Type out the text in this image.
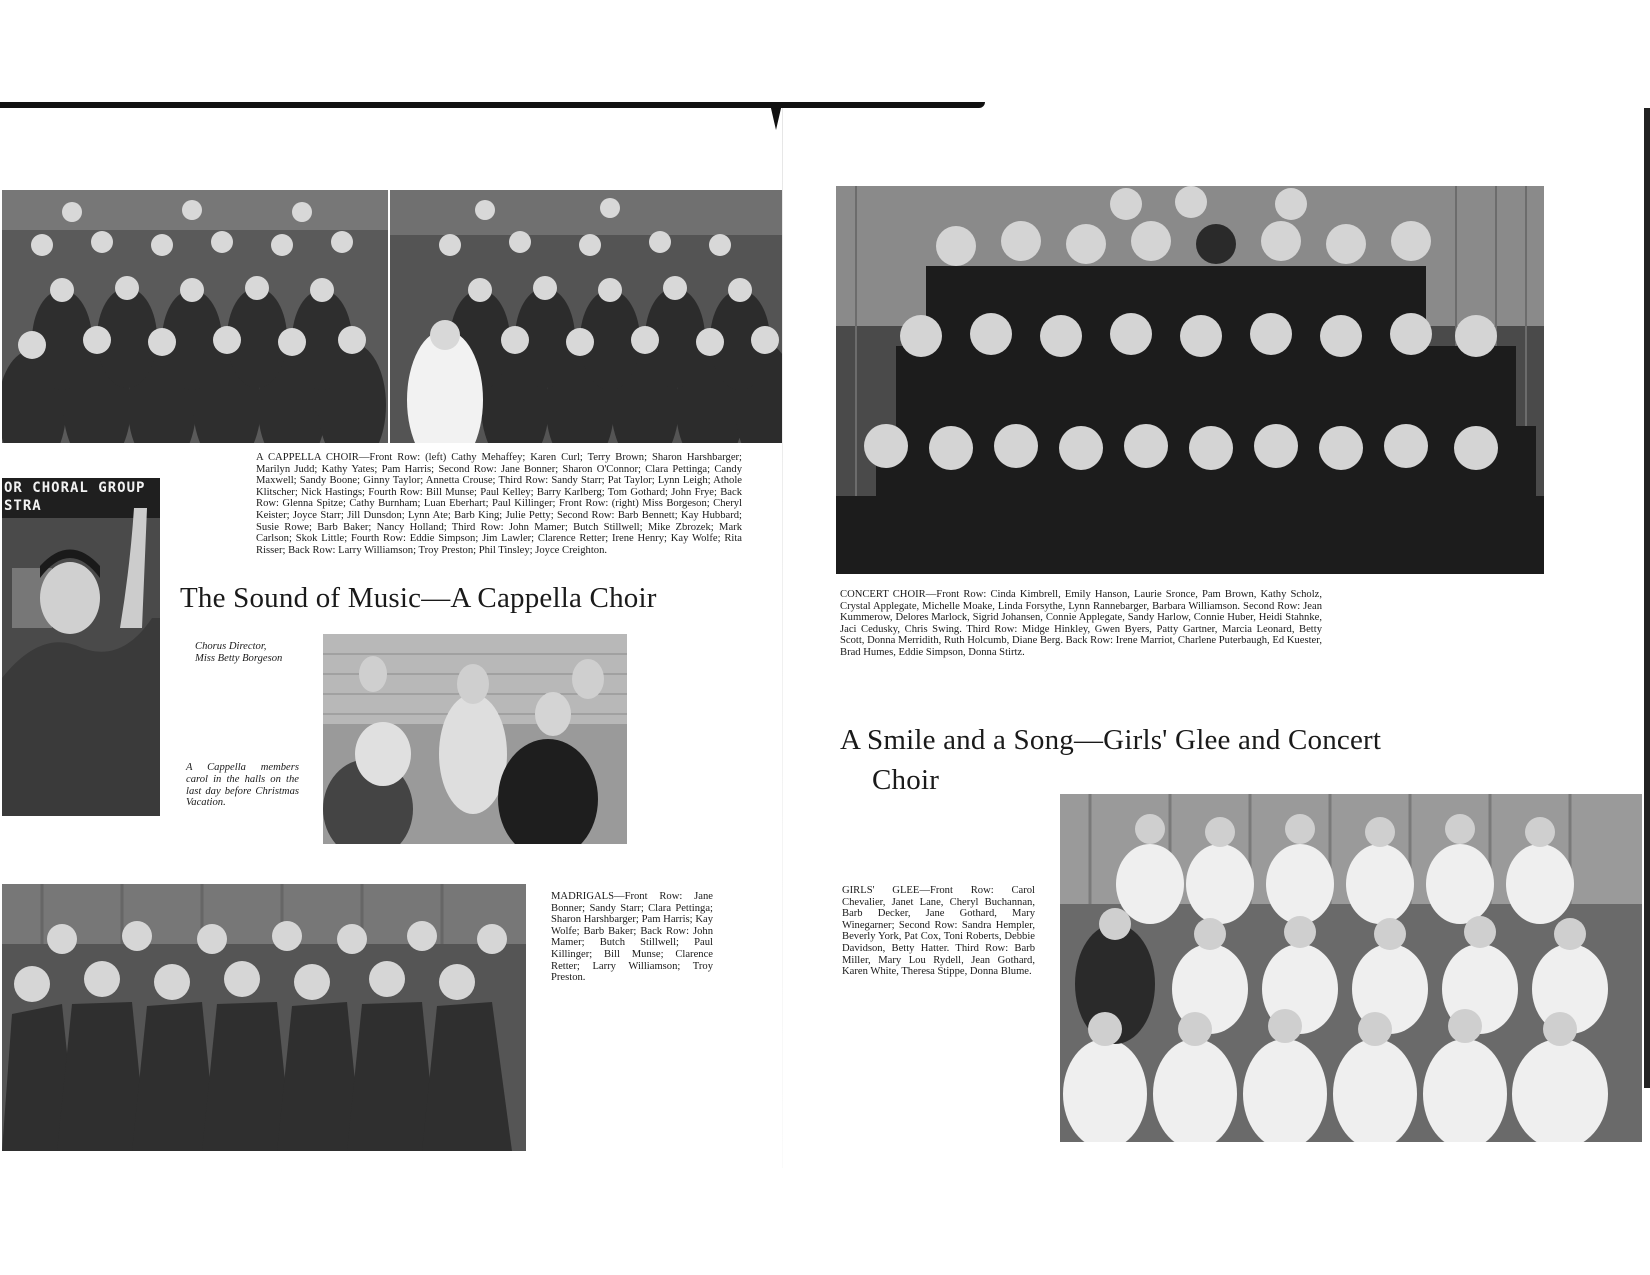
A CAPPELLA CHOIR—Front Row: (left) Cathy Mehaffey; Karen Curl; Terry Brown; Sharon Harshbarger; Marilyn Judd; Kathy Yates; Pam Harris; Second Row: Jane Bonner; Sharon O'Connor; Clara Pettinga; Candy Maxwell; Sandy Boone; Ginny Taylor; Annetta Crouse; Third Row: Sandy Starr; Pat Taylor; Lynn Leigh; Athole Klitscher; Nick Hastings; Fourth Row: Bill Munse; Paul Kelley; Barry Karlberg; Tom Gothard; John Frye; Back Row: Glenna Spitze; Cathy Burnham; Luan Eberhart; Paul Killinger; Front Row: (right) Miss Borgeson; Cheryl Keister; Joyce Starr; Jill Dunsdon; Lynn Ate; Barb King; Julie Petty; Second Row: Barb Bennett; Kay Hubbard; Susie Rowe; Barb Baker; Nancy Holland; Third Row: John Mamer; Butch Stillwell; Mike Zbrozek; Mark Carlson; Skok Little; Fourth Row: Eddie Simpson; Jim Lawler; Clarence Retter; Irene Henry; Kay Wolfe; Rita Risser; Back Row: Larry Williamson; Troy Preston; Phil Tinsley; Joyce Creighton.

OR CHORAL GROUP
STRA
The Sound of Music—A Cappella Choir
Chorus Director,
Miss Betty Borgeson

A Cappella members carol in the halls on the last day before Christmas Vacation.

MADRIGALS—Front Row: Jane Bonner; Sandy Starr; Clara Pettinga; Sharon Harshbarger; Pam Harris; Kay Wolfe; Barb Baker; Back Row: John Mamer; Butch Stillwell; Paul Killinger; Bill Munse; Clarence Retter; Larry Williamson; Troy Preston.

CONCERT CHOIR—Front Row: Cinda Kimbrell, Emily Hanson, Laurie Sronce, Pam Brown, Kathy Scholz, Crystal Applegate, Michelle Moake, Linda Forsythe, Lynn Rannebarger, Barbara Williamson. Second Row: Jean Kummerow, Delores Marlock, Sigrid Johansen, Connie Applegate, Sandy Harlow, Connie Huber, Heidi Stahnke, Jaci Cedusky, Chris Swing. Third Row: Midge Hinkley, Gwen Byers, Patty Gartner, Marcia Leonard, Betty Scott, Donna Merridith, Ruth Holcumb, Diane Berg. Back Row: Irene Marriot, Charlene Puterbaugh, Ed Kuester, Brad Humes, Eddie Simpson, Donna Stirtz.

A Smile and a Song—Girls' Glee and Concert
Choir

GIRLS' GLEE—Front Row: Carol Chevalier, Janet Lane, Cheryl Buchannan, Barb Decker, Jane Gothard, Mary Winegarner; Second Row: Sandra Hempler, Beverly York, Pat Cox, Toni Roberts, Debbie Davidson, Betty Hatter. Third Row: Barb Miller, Mary Lou Rydell, Jean Gothard, Karen White, Theresa Stippe, Donna Blume.
